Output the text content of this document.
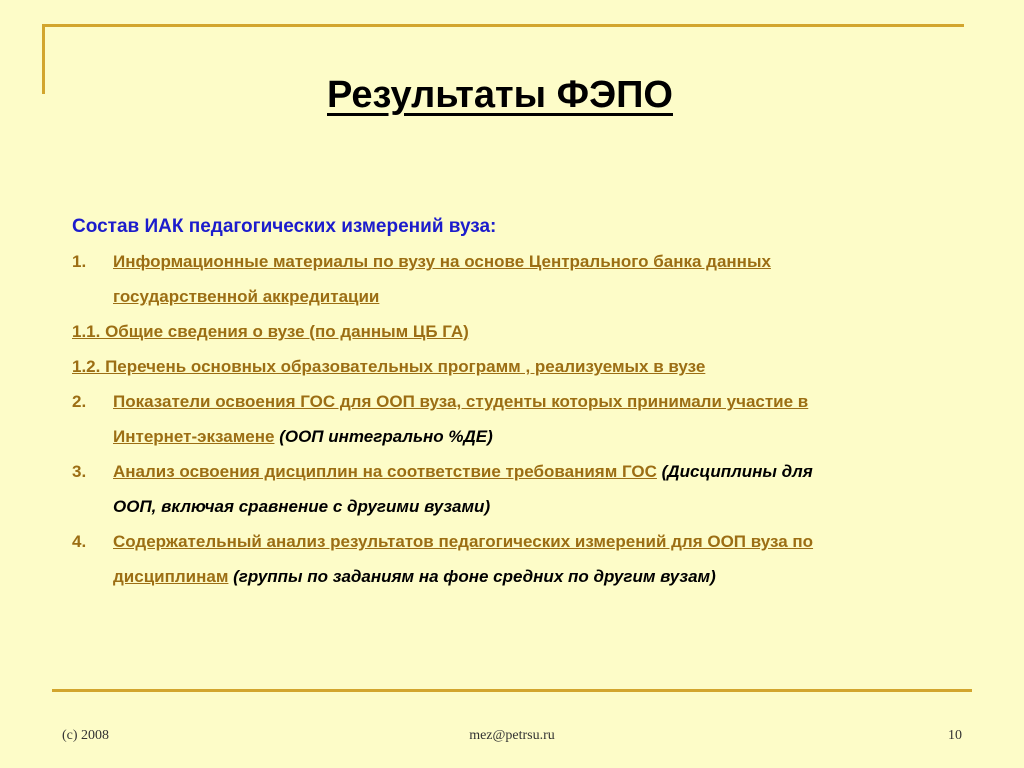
Результаты ФЭПО
Состав ИАК педагогических измерений вуза:
1. Информационные материалы по вузу на основе Центрального банка данных
государственной аккредитации
1.1. Общие сведения о вузе (по данным ЦБ ГА)
1.2. Перечень основных образовательных программ , реализуемых в вузе
2. Показатели освоения ГОС для ООП вуза, студенты которых принимали участие в
Интернет-экзамене (ООП интегрально %ДЕ)
3. Анализ освоения дисциплин на соответствие требованиям ГОС (Дисциплины для
ООП, включая сравнение с другими вузами)
4. Содержательный анализ результатов педагогических измерений для ООП вуза по
дисциплинам (группы по заданиям на фоне средних по другим вузам)
(c) 2008	mez@petrsu.ru	10
